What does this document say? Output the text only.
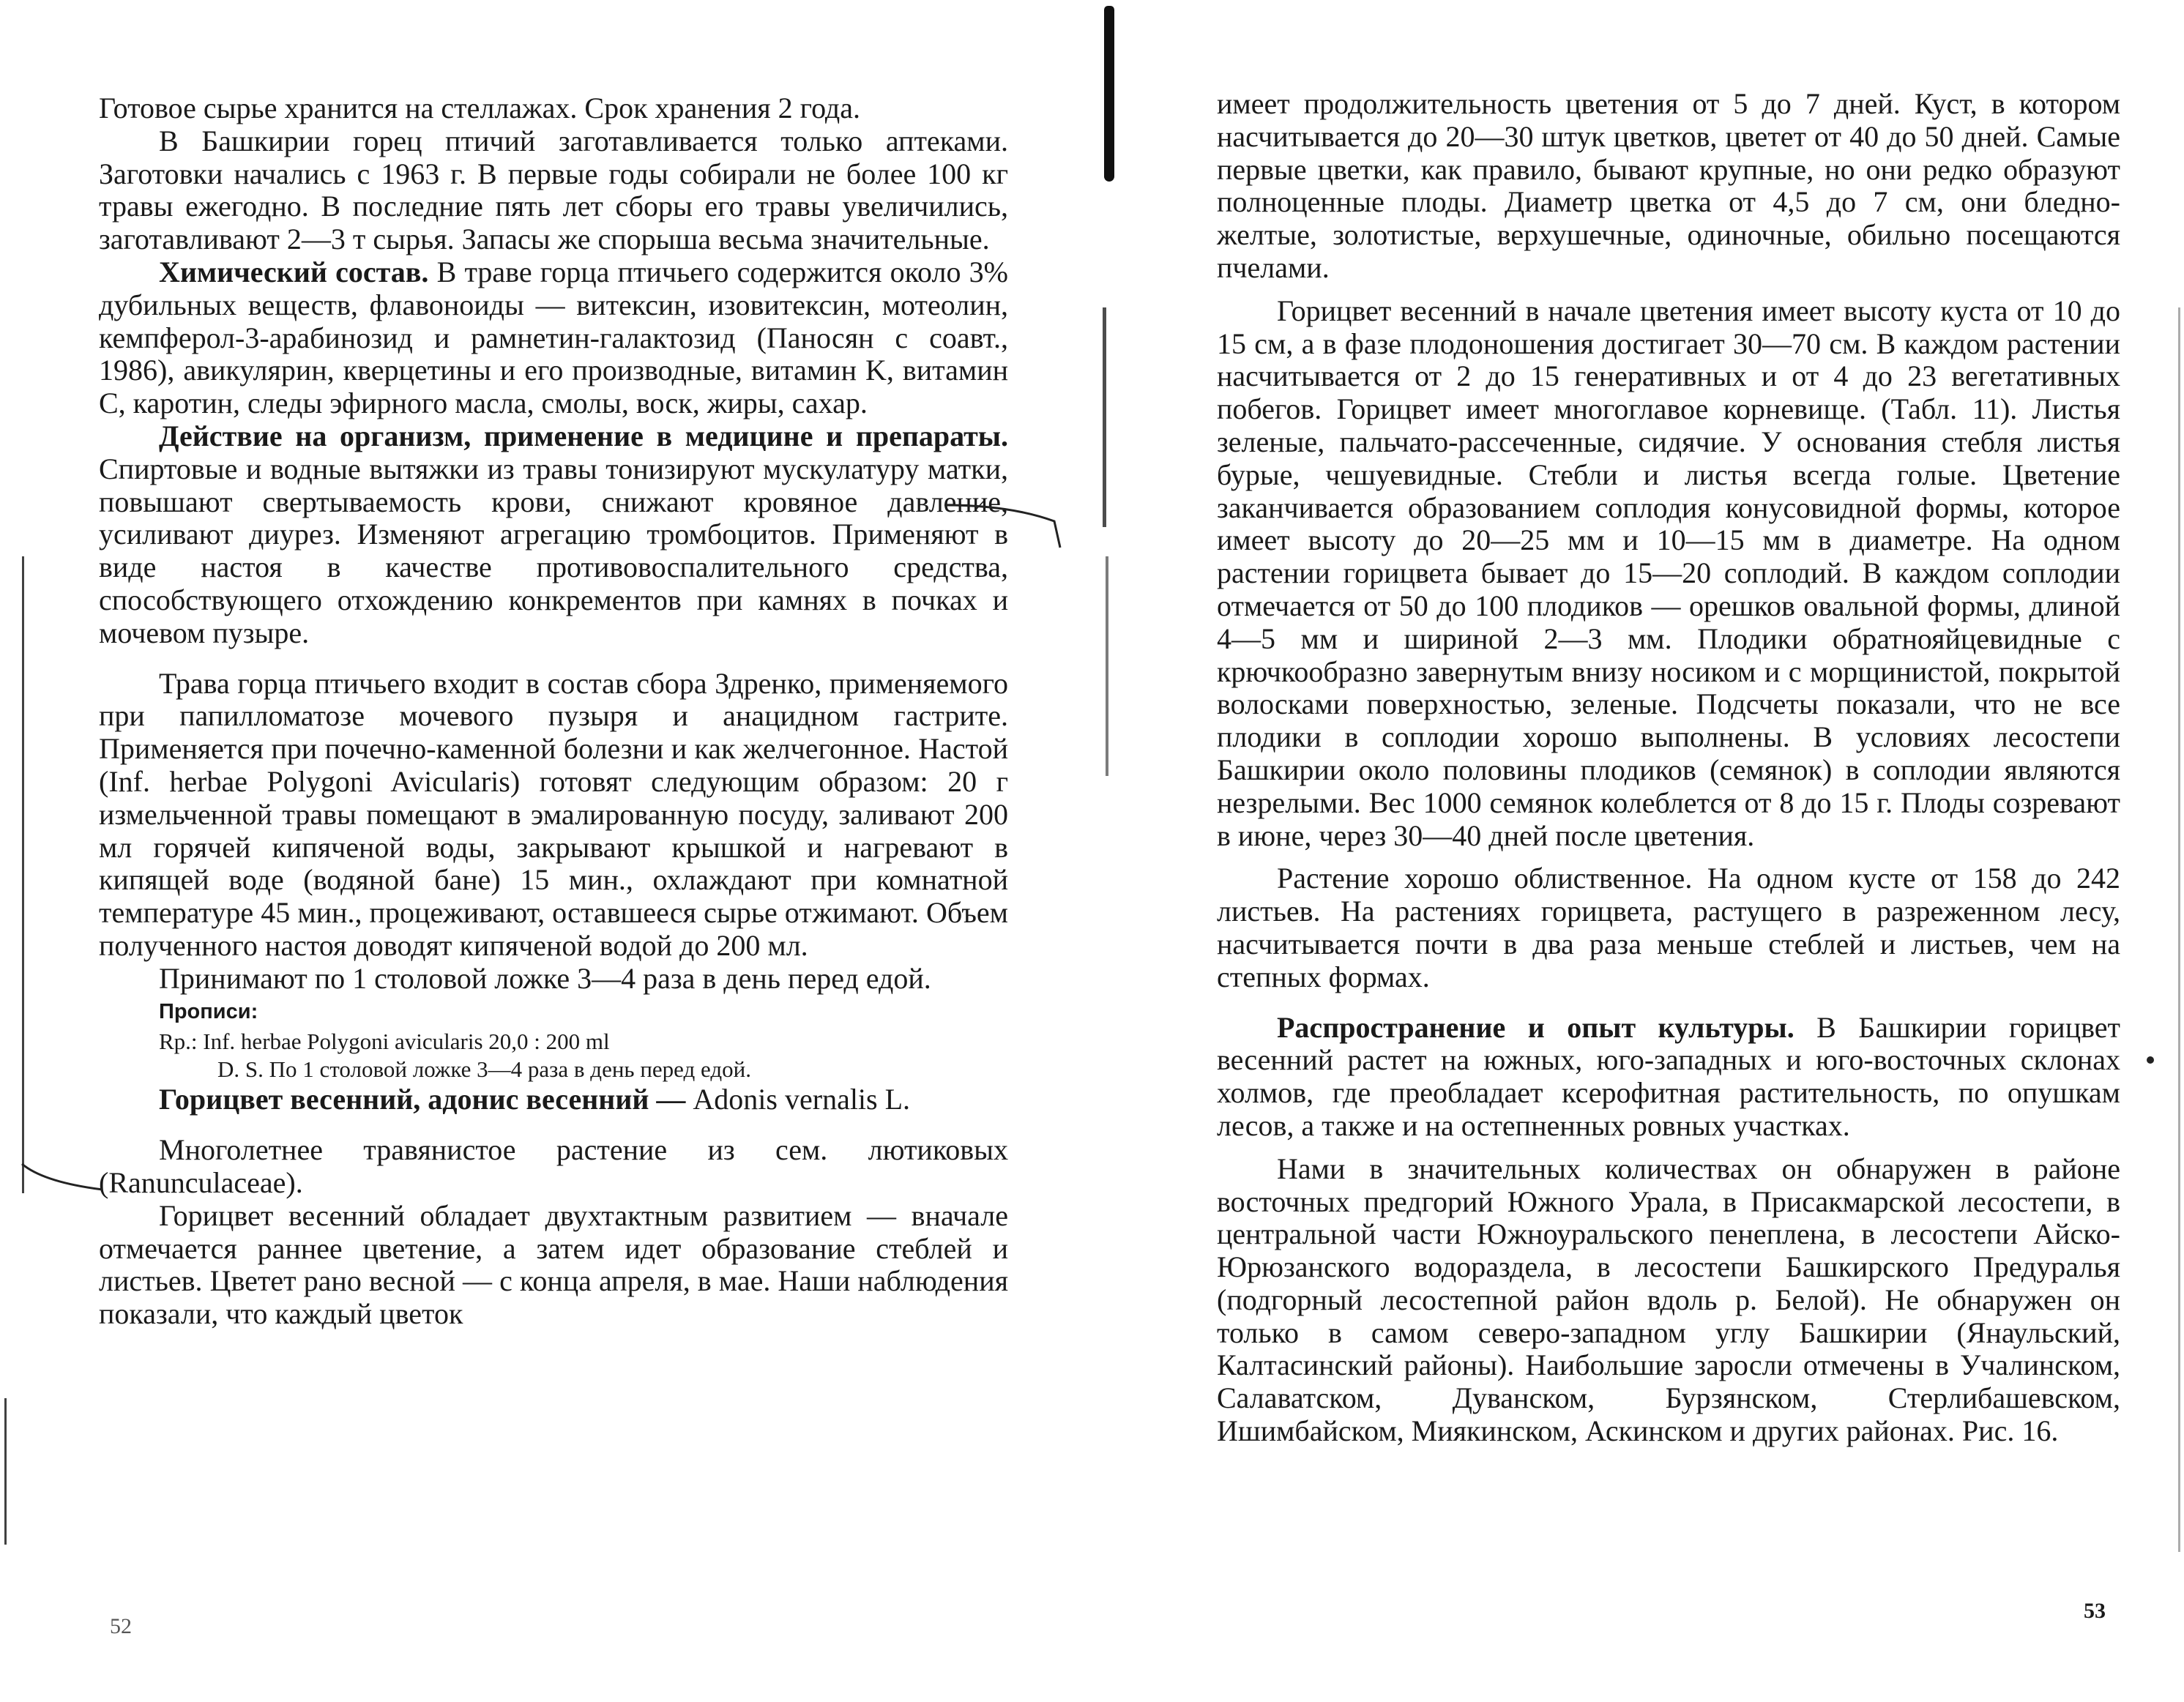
Готовое сырье хранится на стеллажах. Срок хранения 2 года.

В Башкирии горец птичий заготавливается только аптеками. Заготовки начались с 1963 г. В первые годы собирали не более 100 кг травы ежегодно. В последние пять лет сборы его травы увеличились, заготавливают 2—3 т сырья. Запасы же спорыша весьма значительные.

Химический состав. В траве горца птичьего содержится около 3% дубильных веществ, флавоноиды — витексин, изовитексин, мотеолин, кемпферол-3-арабинозид и рамнетин-галактозид (Паносян с соавт., 1986), авикулярин, кверцетины и его производные, витамин K, витамин C, каротин, следы эфирного масла, смолы, воск, жиры, сахар.

Действие на организм, применение в медицине и препараты. Спиртовые и водные вытяжки из травы тонизируют мускулатуру матки, повышают свертываемость крови, снижают кровяное давление, усиливают диурез. Изменяют агрегацию тромбоцитов. Применяют в виде настоя в качестве противовоспалительного средства, способствующего отхождению конкрементов при камнях в почках и мочевом пузыре.

Трава горца птичьего входит в состав сбора Здренко, применяемого при папилломатозе мочевого пузыря и анацидном гастрите. Применяется при почечно-каменной болезни и как желчегонное. Настой (Inf. herbae Polygoni Avicularis) готовят следующим образом: 20 г измельченной травы помещают в эмалированную посуду, заливают 200 мл горячей кипяченой воды, закрывают крышкой и нагревают в кипящей воде (водяной бане) 15 мин., охлаждают при комнатной температуре 45 мин., процеживают, оставшееся сырье отжимают. Объем полученного настоя доводят кипяченой водой до 200 мл.

Принимают по 1 столовой ложке 3—4 раза в день перед едой.

Прописи:

Rp.: Inf. herbae Polygoni avicularis 20,0 : 200 ml
D. S. По 1 столовой ложке 3—4 раза в день перед едой.

Горицвет весенний, адонис весенний — Adonis vernalis L.

Многолетнее травянистое растение из сем. лютиковых (Ranunculaceae).

Горицвет весенний обладает двухтактным развитием — вначале отмечается раннее цветение, а затем идет образование стеблей и листьев. Цветет рано весной — с конца апреля, в мае. Наши наблюдения показали, что каждый цветок

52

имеет продолжительность цветения от 5 до 7 дней. Куст, в котором насчитывается до 20—30 штук цветков, цветет от 40 до 50 дней. Самые первые цветки, как правило, бывают крупные, но они редко образуют полноценные плоды. Диаметр цветка от 4,5 до 7 см, они бледно-желтые, золотистые, верхушечные, одиночные, обильно посещаются пчелами.

Горицвет весенний в начале цветения имеет высоту куста от 10 до 15 см, а в фазе плодоношения достигает 30—70 см. В каждом растении насчитывается от 2 до 15 генеративных и от 4 до 23 вегетативных побегов. Горицвет имеет многоглавое корневище. (Табл. 11). Листья зеленые, пальчато-рассеченные, сидячие. У основания стебля листья бурые, чешуевидные. Стебли и листья всегда голые. Цветение заканчивается образованием соплодия конусовидной формы, которое имеет высоту до 20—25 мм и 10—15 мм в диаметре. На одном растении горицвета бывает до 15—20 соплодий. В каждом соплодии отмечается от 50 до 100 плодиков — орешков овальной формы, длиной 4—5 мм и шириной 2—3 мм. Плодики обратнояйцевидные с крючкообразно завернутым внизу носиком и с морщинистой, покрытой волосками поверхностью, зеленые. Подсчеты показали, что не все плодики в соплодии хорошо выполнены. В условиях лесостепи Башкирии около половины плодиков (семянок) в соплодии являются незрелыми. Вес 1000 семянок колеблется от 8 до 15 г. Плоды созревают в июне, через 30—40 дней после цветения.

Растение хорошо облиственное. На одном кусте от 158 до 242 листьев. На растениях горицвета, растущего в разреженном лесу, насчитывается почти в два раза меньше стеблей и листьев, чем на степных формах.

Распространение и опыт культуры. В Башкирии горицвет весенний растет на южных, юго-западных и юго-восточных склонах холмов, где преобладает ксерофитная растительность, по опушкам лесов, а также и на остепненных ровных участках.

Нами в значительных количествах он обнаружен в районе восточных предгорий Южного Урала, в Присакмарской лесостепи, в центральной части Южноуральского пенеплена, в лесостепи Айско-Юрюзанского водораздела, в лесостепи Башкирского Предуралья (подгорный лесостепной район вдоль р. Белой). Не обнаружен он только в самом северо-западном углу Башкирии (Янаульский, Калтасинский районы). Наибольшие заросли отмечены в Учалинском, Салаватском, Дуванском, Бурзянском, Стерлибашевском, Ишимбайском, Миякинском, Аскинском и других районах. Рис. 16.

53
